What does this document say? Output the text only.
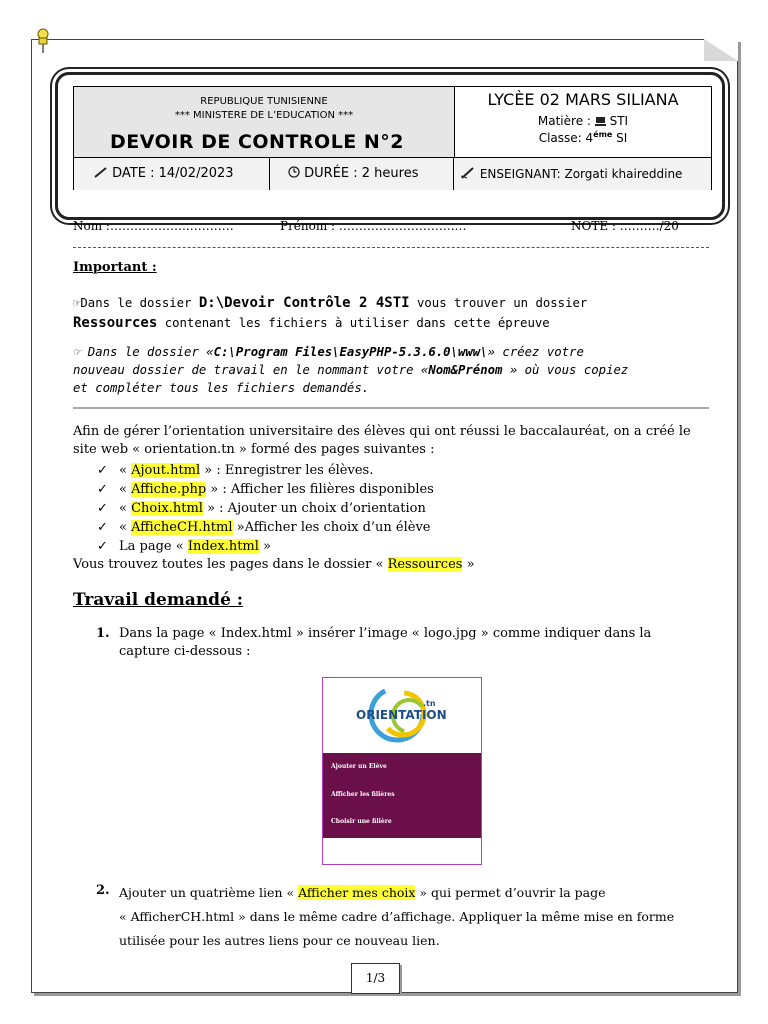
REPUBLIQUE TUNISIENNE
*** MINISTERE DE L’EDUCATION ***
DEVOIR DE CONTROLE N°2
LYCÈE 02 MARS SILIANA
Matière : STI
Classe: $4^{éme}$ SI
DATE : 14/02/2023	DURÉE : 2 heures	ENSEIGNANT: Zorgati khaireddine
Nom :……………….…………	Prénom : ………………………..…	NOTE : ….……/20
Important :
☞Dans le dossier D:\Devoir Contrôle 2 4STI vous trouver un dossier
Ressources contenant les fichiers à utiliser dans cette épreuve
☞ Dans le dossier «C:\Program Files\EasyPHP-5.3.6.0\www\» créez votre
nouveau dossier de travail en le nommant votre «Nom&Prénom » où vous copiez
et compléter tous les fichiers demandés.
Afin de gérer l’orientation universitaire des élèves qui ont réussi le baccalauréat, on a créé le
site web « orientation.tn » formé des pages suivantes :
✓ « Ajout.html » : Enregistrer les élèves.
✓ « Affiche.php » : Afficher les filières disponibles
✓ « Choix.html » : Ajouter un choix d’orientation
✓ « AfficheCH.html »Afficher les choix d’un élève
✓ La page « Index.html »
Vous trouvez toutes les pages dans le dossier « Ressources »
Travail demandé :
1. Dans la page « Index.html » insérer l’image « logo.jpg » comme indiquer dans la
capture ci-dessous :
ORIENTATION
.tn
Ajouter un Elève
Afficher les filières
Choisir une filière
2. Ajouter un quatrième lien « Afficher mes choix » qui permet d’ouvrir la page
« AfficherCH.html » dans le même cadre d’affichage. Appliquer la même mise en forme
utilisée pour les autres liens pour ce nouveau lien.
1/3
